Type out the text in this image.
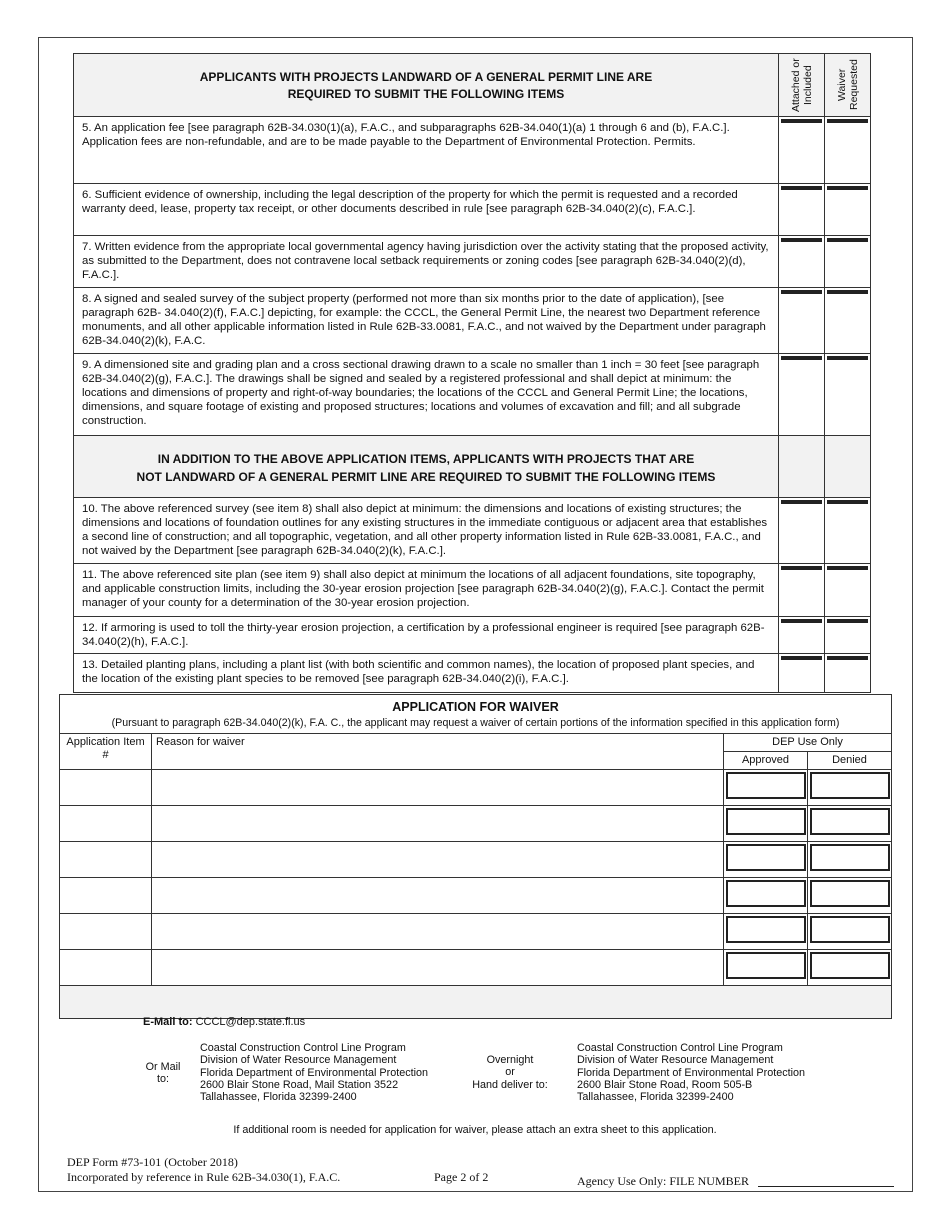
APPLICANTS WITH PROJECTS LANDWARD OF A GENERAL PERMIT LINE ARE
REQUIRED TO SUBMIT THE FOLLOWING ITEMS	Attached or Included	Waiver Requested

5. An application fee [see paragraph 62B-34.030(1)(a), F.A.C., and subparagraphs 62B-34.040(1)(a) 1 through 6 and (b), F.A.C.]. Application fees are non-refundable, and are to be made payable to the Department of Environmental Protection. Permits.	

6. Sufficient evidence of ownership, including the legal description of the property for which the permit is requested and a recorded warranty deed, lease, property tax receipt, or other documents described in rule [see paragraph 62B-34.040(2)(c), F.A.C.].	

7. Written evidence from the appropriate local governmental agency having jurisdiction over the activity stating that the proposed activity, as submitted to the Department, does not contravene local setback requirements or zoning codes [see paragraph 62B-34.040(2)(d), F.A.C.].	

8. A signed and sealed survey of the subject property (performed not more than six months prior to the date of application), [see paragraph 62B- 34.040(2)(f), F.A.C.] depicting, for example: the CCCL, the General Permit Line, the nearest two Department reference monuments, and all other applicable information listed in Rule 62B-33.0081, F.A.C., and not waived by the Department under paragraph 62B-34.040(2)(k), F.A.C.	

9. A dimensioned site and grading plan and a cross sectional drawing drawn to a scale no smaller than 1 inch = 30 feet [see paragraph 62B-34.040(2)(g), F.A.C.]. The drawings shall be signed and sealed by a registered professional and shall depict at minimum: the locations and dimensions of property and right-of-way boundaries; the locations of the CCCL and General Permit Line; the locations, dimensions, and square footage of existing and proposed structures; locations and volumes of excavation and fill; and all subgrade construction.	

IN ADDITION TO THE ABOVE APPLICATION ITEMS, APPLICANTS WITH PROJECTS THAT ARE
NOT LANDWARD OF A GENERAL PERMIT LINE ARE REQUIRED TO SUBMIT THE FOLLOWING ITEMS		

10. The above referenced survey (see item 8) shall also depict at minimum: the dimensions and locations of existing structures; the dimensions and locations of foundation outlines for any existing structures in the immediate contiguous or adjacent area that establishes a second line of construction; and all topographic, vegetation, and all other property information listed in Rule 62B-33.0081, F.A.C., and not waived by the Department [see paragraph 62B-34.040(2)(k), F.A.C.].	

11. The above referenced site plan (see item 9) shall also depict at minimum the locations of all adjacent foundations, site topography, and applicable construction limits, including the 30-year erosion projection [see paragraph 62B-34.040(2)(g), F.A.C.]. Contact the permit manager of your county for a determination of the 30-year erosion projection.	

12. If armoring is used to toll the thirty-year erosion projection, a certification by a professional engineer is required [see paragraph 62B-34.040(2)(h), F.A.C.].	

13. Detailed planting plans, including a plant list (with both scientific and common names), the location of proposed plant species, and the location of the existing plant species to be removed [see paragraph 62B-34.040(2)(i), F.A.C.].	

APPLICATION FOR WAIVER
(Pursuant to paragraph 62B-34.040(2)(k), F.A. C., the applicant may request a waiver of certain portions of the information specified in this application form)			
Application Item #	Reason for waiver	DEP Use Only	
		Approved	Denied

E-Mail to: CCCL@dep.state.fl.us
Or Mail to:
Coastal Construction Control Line Program
Division of Water Resource Management
Florida Department of Environmental Protection
2600 Blair Stone Road, Mail Station 3522
Tallahassee, Florida 32399-2400
Overnight
or
Hand deliver to:
Coastal Construction Control Line Program
Division of Water Resource Management
Florida Department of Environmental Protection
2600 Blair Stone Road, Room 505-B
Tallahassee, Florida 32399-2400
If additional room is needed for application for waiver, please attach an extra sheet to this application.
DEP Form #73-101 (October 2018)
Incorporated by reference in Rule 62B-34.030(1), F.A.C.	Page 2 of 2	Agency Use Only: FILE NUMBER
